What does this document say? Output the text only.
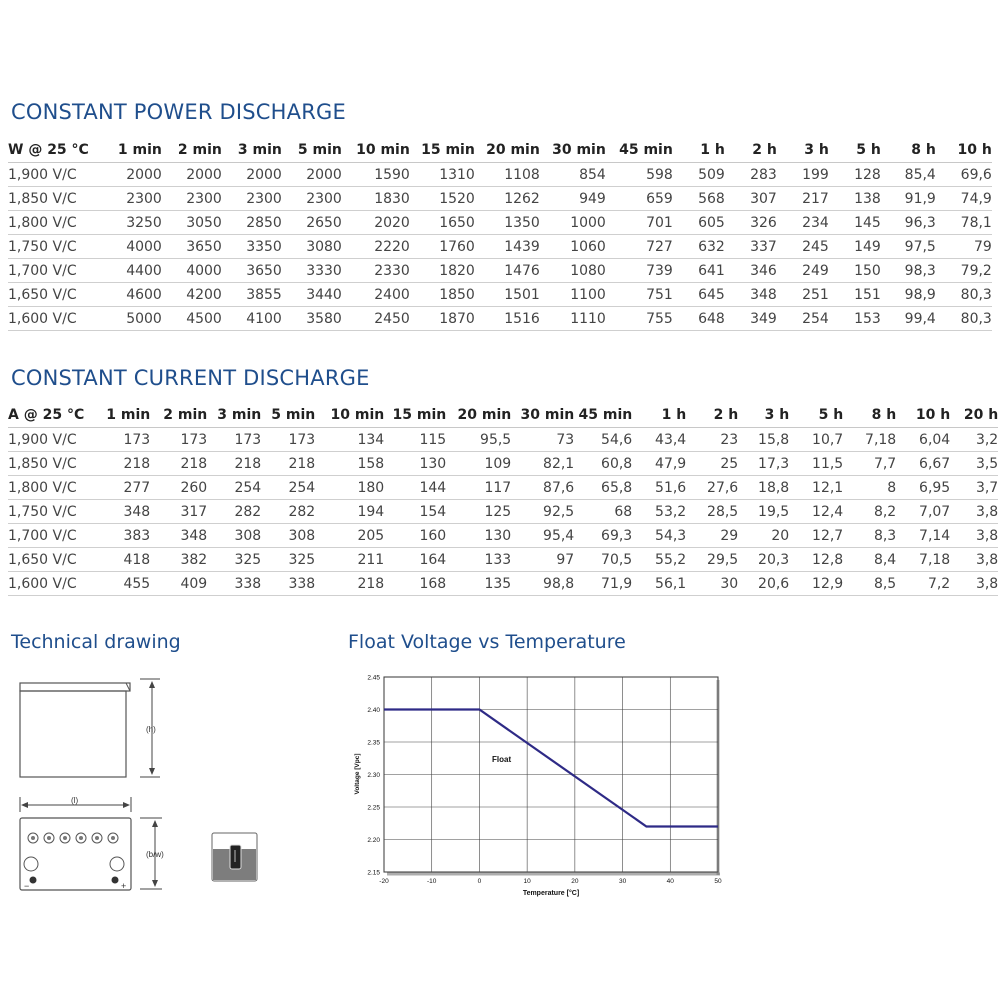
CONSTANT POWER DISCHARGE
W @ 25 °C	1 min	2 min	3 min	5 min	10 min	15 min	20 min	30 min	45 min	1 h	2 h	3 h	5 h	8 h	10 h
1,900 V/C	2000	2000	2000	2000	1590	1310	1108	854	598	509	283	199	128	85,4	69,6
1,850 V/C	2300	2300	2300	2300	1830	1520	1262	949	659	568	307	217	138	91,9	74,9
1,800 V/C	3250	3050	2850	2650	2020	1650	1350	1000	701	605	326	234	145	96,3	78,1
1,750 V/C	4000	3650	3350	3080	2220	1760	1439	1060	727	632	337	245	149	97,5	79
1,700 V/C	4400	4000	3650	3330	2330	1820	1476	1080	739	641	346	249	150	98,3	79,2
1,650 V/C	4600	4200	3855	3440	2400	1850	1501	1100	751	645	348	251	151	98,9	80,3
1,600 V/C	5000	4500	4100	3580	2450	1870	1516	1110	755	648	349	254	153	99,4	80,3
CONSTANT CURRENT DISCHARGE
A @ 25 °C	1 min	2 min	3 min	5 min	10 min	15 min	20 min	30 min	45 min	1 h	2 h	3 h	5 h	8 h	10 h	20 h
1,900 V/C	173	173	173	173	134	115	95,5	73	54,6	43,4	23	15,8	10,7	7,18	6,04	3,2
1,850 V/C	218	218	218	218	158	130	109	82,1	60,8	47,9	25	17,3	11,5	7,7	6,67	3,5
1,800 V/C	277	260	254	254	180	144	117	87,6	65,8	51,6	27,6	18,8	12,1	8	6,95	3,7
1,750 V/C	348	317	282	282	194	154	125	92,5	68	53,2	28,5	19,5	12,4	8,2	7,07	3,8
1,700 V/C	383	348	308	308	205	160	130	95,4	69,3	54,3	29	20	12,7	8,3	7,14	3,8
1,650 V/C	418	382	325	325	211	164	133	97	70,5	55,2	29,5	20,3	12,8	8,4	7,18	3,8
1,600 V/C	455	409	338	338	218	168	135	98,8	71,9	56,1	30	20,6	12,9	8,5	7,2	3,8
Technical drawing	Float Voltage vs Temperature
(h)
(l)
−	+
(b/w)
2.15
2.20
2.25
2.30
2.35
2.40
2.45
-20	-10	0	10	20	30	40	50
Float
Temperature [°C]
Voltage [Vpc]
